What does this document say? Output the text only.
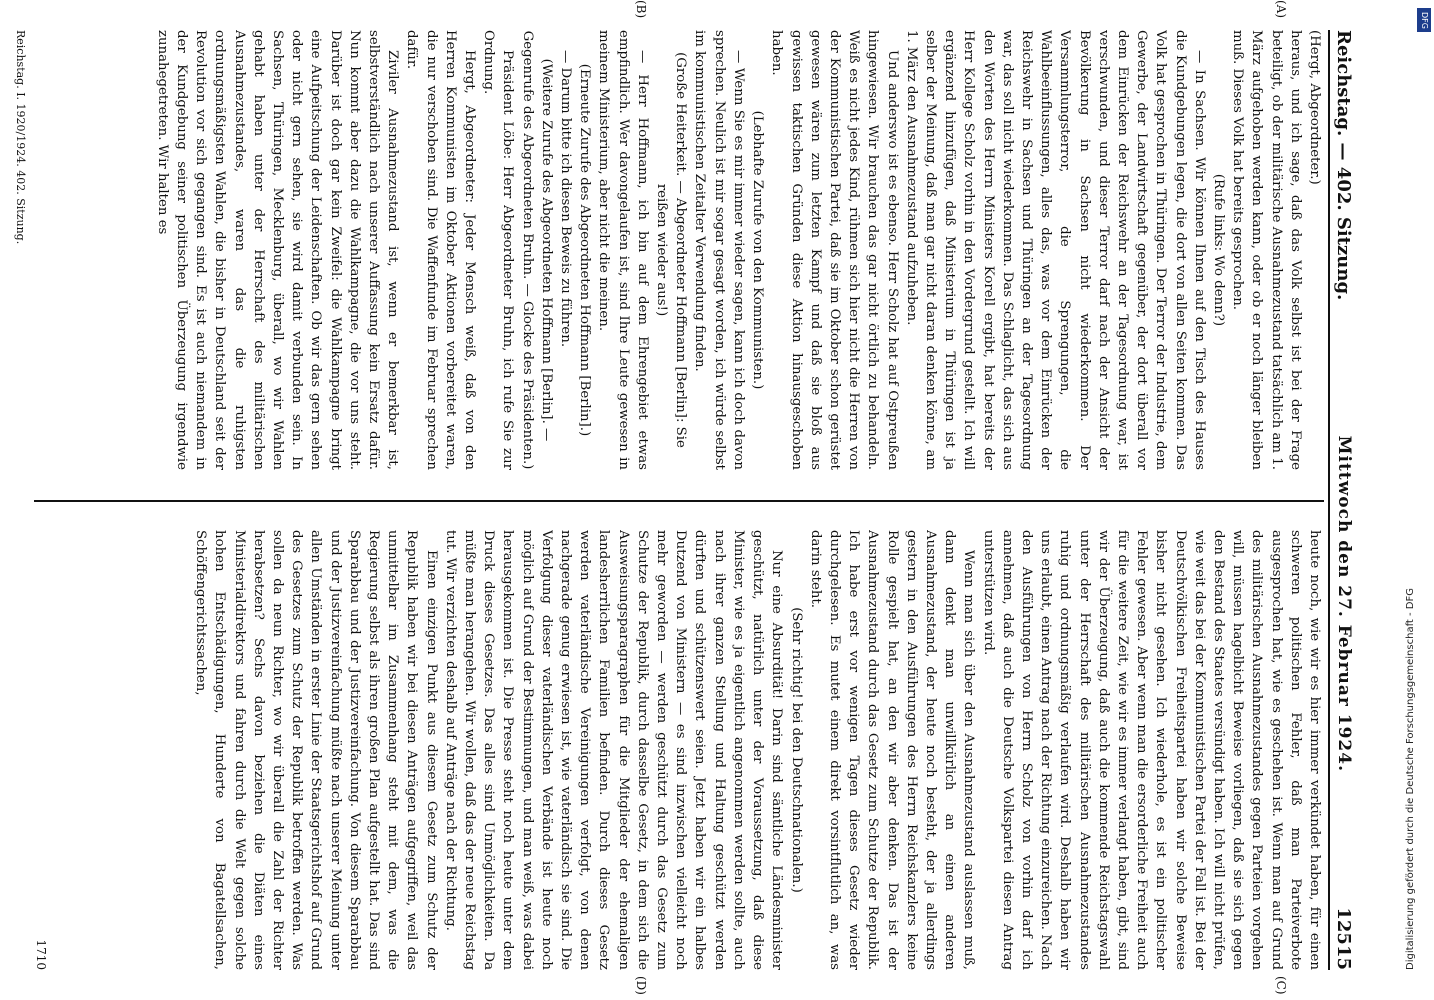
Reichstag. — 402. Sitzung.
Mittwoch den 27. Februar 1924.
12515

(Hergt, Abgeordneter.)

heraus, und ich sage, daß das Volk selbst ist bei der Frage beteiligt, ob der militärische Ausnahmezustand tatsächlich am 1. März aufgehoben werden kann, oder ob er noch länger bleiben muß. Dieses Volk hat bereits gesprochen.

(Rufe links: Wo denn?)

— In Sachsen. Wir können Ihnen auf den Tisch des Hauses die Kundgebungen legen, die dort von allen Seiten kommen. Das Volk hat gesprochen in Thüringen. Der Terror der Industrie, dem Gewerbe, der Landwirtschaft gegenüber, der dort überall vor dem Einrücken der Reichswehr an der Tagesordnung war, ist verschwunden, und dieser Terror darf nach der Ansicht der Bevölkerung in Sachsen nicht wiederkommen. Der Versammlungsterror, die Sprengungen, die Wahlbeeinflussungen, alles das, was vor dem Einrücken der Reichswehr in Sachsen und Thüringen an der Tagesordnung war, das soll nicht wiederkommen. Das Schlaglicht, das sich aus den Worten des Herrn Ministers Korell ergibt, hat bereits der Herr Kollege Scholz vorhin in den Vordergrund gestellt. Ich will ergänzend hinzufügen, daß Ministerium in Thüringen ist ja selber der Meinung, daß man gar nicht daran denken könne, am 1. März den Ausnahmezustand aufzuheben.

Und anderswo ist es ebenso. Herr Scholz hat auf Ostpreußen hingewiesen. Wir brauchen das gar nicht örtlich zu behandeln. Weiß es nicht jedes Kind, rühmen sich hier nicht die Herren von der Kommunistischen Partei, daß sie im Oktober schon gerüstet gewesen wären zum letzten Kampf und daß sie bloß aus gewissen taktischen Gründen diese Aktion hinausgeschoben haben.

(Lebhafte Zurufe von den Kommunisten.)

— Wenn Sie es mir immer wieder sagen, kann ich doch davon sprechen. Neulich ist mir sogar gesagt worden, ich würde selbst im kommunistischen Zeitalter Verwendung finden.

(Große Heiterkeit. — Abgeordneter Hoffmann [Berlin]: Sie reißen wieder aus!)

— Herr Hoffmann, ich bin auf dem Ehrengebiet etwas empfindlich. Wer davongelaufen ist, sind Ihre Leute gewesen in meinem Ministerium, aber nicht die meinen.

(Erneute Zurufe des Abgeordneten Hoffmann [Berlin].)

— Darum bitte ich diesen Beweis zu führen.

(Weitere Zurufe des Abgeordneten Hoffmann [Berlin]. — Gegenrufe des Abgeordneten Bruhn. — Glocke des Präsidenten.)

Präsident Löbe: Herr Abgeordneter Bruhn, ich rufe Sie zur Ordnung.

Hergt, Abgeordneter: Jeder Mensch weiß, daß von den Herren Kommunisten im Oktober Aktionen vorbereitet waren, die nur verschoben sind. Die Waffenfunde im Februar sprechen dafür.

Ziviler Ausnahmezustand ist, wenn er bemerkbar ist, selbstverständlich nach unserer Auffassung kein Ersatz dafür. Nun kommt aber dazu die Wahlkampagne, die vor uns steht. Darüber ist doch gar kein Zweifel: die Wahlkampagne bringt eine Aufpeitschung der Leidenschaften. Ob wir das gern sehen oder nicht gern sehen, sie wird damit verbunden sein. In Sachsen, Thüringen, Mecklenburg, überall, wo wir Wahlen gehabt haben unter der Herrschaft des militärischen Ausnahmezustandes, waren das die ruhigsten ordnungsmäßigsten Wahlen, die bisher in Deutschland seit der Revolution vor sich gegangen sind. Es ist auch niemandem in der Kundgebung seiner politischen Überzeugung irgendwie zunahegetreten. Wir halten es

heute noch, wie wir es hier immer verkündet haben, für einen schweren politischen Fehler, daß man Parteiverbote ausgesprochen hat, wie es geschehen ist. Wenn man auf Grund des militärischen Ausnahmezustandes gegen Parteien vorgehen will, müssen hagelbicht Beweise vorliegen, daß sie sich gegen den Bestand des Staates versündigt haben. Ich will nicht prüfen, wie weit das bei der Kommunistischen Partei der Fall ist. Bei der Deutschvölkischen Freiheitspartei haben wir solche Beweise bisher nicht gesehen. Ich wiederhole, es ist ein politischer Fehler gewesen. Aber wenn man die ersorderliche Freiheit auch für die weitere Zeit, wie wir es immer verlangt haben, gibt, sind wir der Überzeugung, daß auch die kommende Reichstagswahl unter der Herrschaft des militärischen Ausnahmezustandes ruhig und ordnungsmäßig verlaufen wird. Deshalb haben wir uns erlaubt, einen Antrag nach der Richtung einzureichen. Nach den Ausführungen von Herrn Scholz von vorhin darf ich annehmen, daß auch die Deutsche Volkspartei diesen Antrag unterstützen wird.

Wenn man sich über den Ausnahmezustand auslassen muß, dann denkt man unwillkürlich an einen anderen Ausnahmezustand, der heute noch besteht, der ja allerdings gestern in den Ausführungen des Herrn Reichskanzlers keine Rolle gespielt hat, an den wir aber denken. Das ist der Ausnahmezustand durch das Gesetz zum Schutze der Republik. Ich habe erst vor wenigen Tagen dieses Gesetz wieder durchgelesen. Es mutet einem direkt vorsintflutlich an, was darin steht.

(Sehr richtig! bei den Deutschnationalen.)

Nur eine Absurdität! Darin sind sämtliche Ländesminister geschützt, natürlich unter der Voraussetzung, daß diese Minister, wie es ja eigentlich angenommen werden sollte, auch nach ihrer ganzen Stellung und Haltung geschützt werden dürften und schützenswert seien. Jetzt haben wir ein halbes Dutzend von Ministern — es sind inzwischen vielleicht noch mehr geworden — werden geschützt durch das Gesetz zum Schutze der Republik, durch dasselbe Gesetz, in dem sich die Ausweisungsparagraphen für die Mitglieder der ehemaligen landesherrlichen Familien befinden. Durch dieses Gesetz werden vaterländische Vereinigungen verfolgt, von denen nachgerade genug erwiesen ist, wie vaterländisch sie sind. Die Verfolgung dieser vaterländischen Verbände ist heute noch möglich auf Grund der Bestimmungen, und man weiß, was dabei herausgekommen ist. Die Presse steht noch heute unter dem Druck dieses Gesetzes. Das alles sind Unmöglichkeiten. Da müßte man herangehen. Wir wollen, daß das der neue Reichstag tut. Wir verzichten deshalb auf Anträge nach der Richtung.

Einen einzigen Punkt aus diesem Gesetz zum Schutz der Republik haben wir bei diesen Anträgen aufgegriffen, weil das unmittelbar im Zusammenhang steht mit dem, was die Regierung selbst als ihren großen Plan aufgestellt hat. Das sind Sparabbau und der Justizvereinfachung. Von diesem Sparabbau und der Justizvereinfachung müßte nach unserer Meinung unter allen Umständen in erster Linie der Staatsgerichtshof auf Grund des Gesetzes zum Schutz der Republik betroffen werden. Was sollen da neun Richter, wo wir überall die Zahl der Richter herabsetzen? Sechs davon beziehen die Diäten eines Ministerialdirektors und fahren durch die Welt gegen solche hohen Entschädigungen, Hunderte von Bagatellsachen, Schöffengerichtssachen,

(A)
(B)
(C)
(D)
Reichstag. I. 1920/1924. 402. Sitzung.
1710	Digitalisierung gefördert durch die Deutsche Forschungsgemeinschaft - DFG
DFG
